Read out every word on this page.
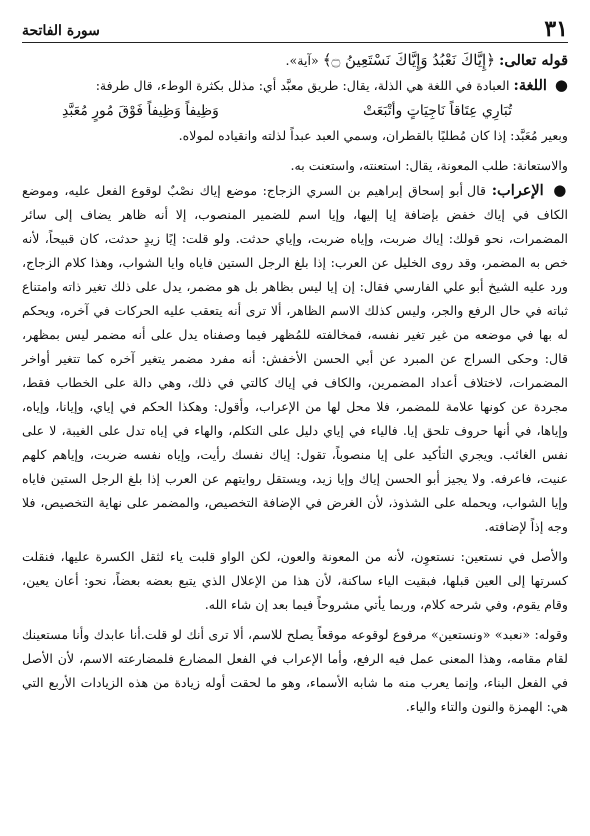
٣١
سورة الفاتحة

قوله تعالى: ﴿إِيَّاكَ نَعْبُدُ وَإِيَّاكَ نَسْتَعِينُ ۝﴾ «آية».

● اللغة: العبادة في اللغة هي الذلة، يقال: طريق معبَّد أي: مذلل بكثرة الوطء، قال طرفة:

تُبَارِي عِتَاقاً نَاجِيَاتٍ وأتْبَعَتْ
وَظِيفاً وَظِيفاً فَوْقَ مُورٍ مُعَبَّدِ

وبعير مُعَبَّد: إذا كان مُطليًا بالقطران، وسمي العبد عبداً لذلته وانقياده لمولاه.

والاستعانة: طلب المعونة، يقال: استعنته، واستعنت به.

● الإعراب: قال أبو إسحاق إبراهيم بن السري الزجاج: موضع إياك نصْبٌ لوقوع الفعل عليه، وموضع الكاف في إياك خفض بإضافة إيا إليها، وإيا اسم للضمير المنصوب، إلا أنه ظاهر يضاف إلى سائر المضمرات، نحو قولك: إياك ضربت، وإياه ضربت، وإياي حدثت. ولو قلت: إيًا زيدٍ حدثت، كان قبيحاً، لأنه خص به المضمر، وقد روى الخليل عن العرب: إذا بلغ الرجل الستين فاياه وايا الشواب، وهذا كلام الزجاج، ورد عليه الشيخ أبو علي الفارسي فقال: إن إيا ليس بظاهر بل هو مضمر، يدل على ذلك تغير ذاته وامتناع ثباته في حال الرفع والجر، وليس كذلك الاسم الظاهر، ألا ترى أنه يتعقب عليه الحركات في آخره، ويحكم له بها في موضعه من غير تغير نفسه، فمخالفته للمُظهر فيما وصفناه يدل على أنه مضمر ليس بمظهر، قال: وحكى السراج عن المبرد عن أبي الحسن الأخفش: أنه مفرد مضمر يتغير آخره كما تتغير أواخر المضمرات، لاختلاف أعداد المضمرين، والكاف في إياك كالتي في ذلك، وهي دالة على الخطاب فقط، مجردة عن كونها علامة للمضمر، فلا محل لها من الإعراب، وأقول: وهكذا الحكم في إياي، وإيانا، وإياه، وإياها، في أنها حروف تلحق إيا. فالياء في إياي دليل على التكلم، والهاء في إياه تدل على الغيبة، لا على نفس الغائب. ويجري التأكيد على إيا منصوباً، تقول: إياك نفسك رأيت، وإياه نفسه ضربت، وإياهم كلهم عنيت، فاعرفه. ولا يجيز أبو الحسن إياك وإيا زيد، ويستقل روايتهم عن العرب إذا بلغ الرجل الستين فاياه وإيا الشواب، ويحمله على الشذوذ، لأن الغرض في الإضافة التخصيص، والمضمر على نهاية التخصيص، فلا وجه إذاً لإضافته.

والأصل في نستعين: نستعوِن، لأنه من المعونة والعون، لكن الواو قلبت ياء لثقل الكسرة عليها، فنقلت كسرتها إلى العين قبلها، فبقيت الياء ساكنة، لأن هذا من الإعلال الذي يتبع بعضه بعضاً، نحو: أعان يعين، وقام يقوم، وفي شرحه كلام، وربما يأتي مشروحاً فيما بعد إن شاء الله.

وقوله: «نعبد» «ونستعين» مرفوع لوقوعه موقعاً يصلح للاسم، ألا ترى أنك لو قلت.أنا عابدك وأنا مستعينك لقام مقامه، وهذا المعنى عمل فيه الرفع، وأما الإعراب في الفعل المضارع فلمضارعته الاسم، لأن الأصل في الفعل البناء، وإنما يعرب منه ما شابه الأسماء، وهو ما لحقت أوله زيادة من هذه الزيادات الأربع التي هي: الهمزة والنون والتاء والياء.
